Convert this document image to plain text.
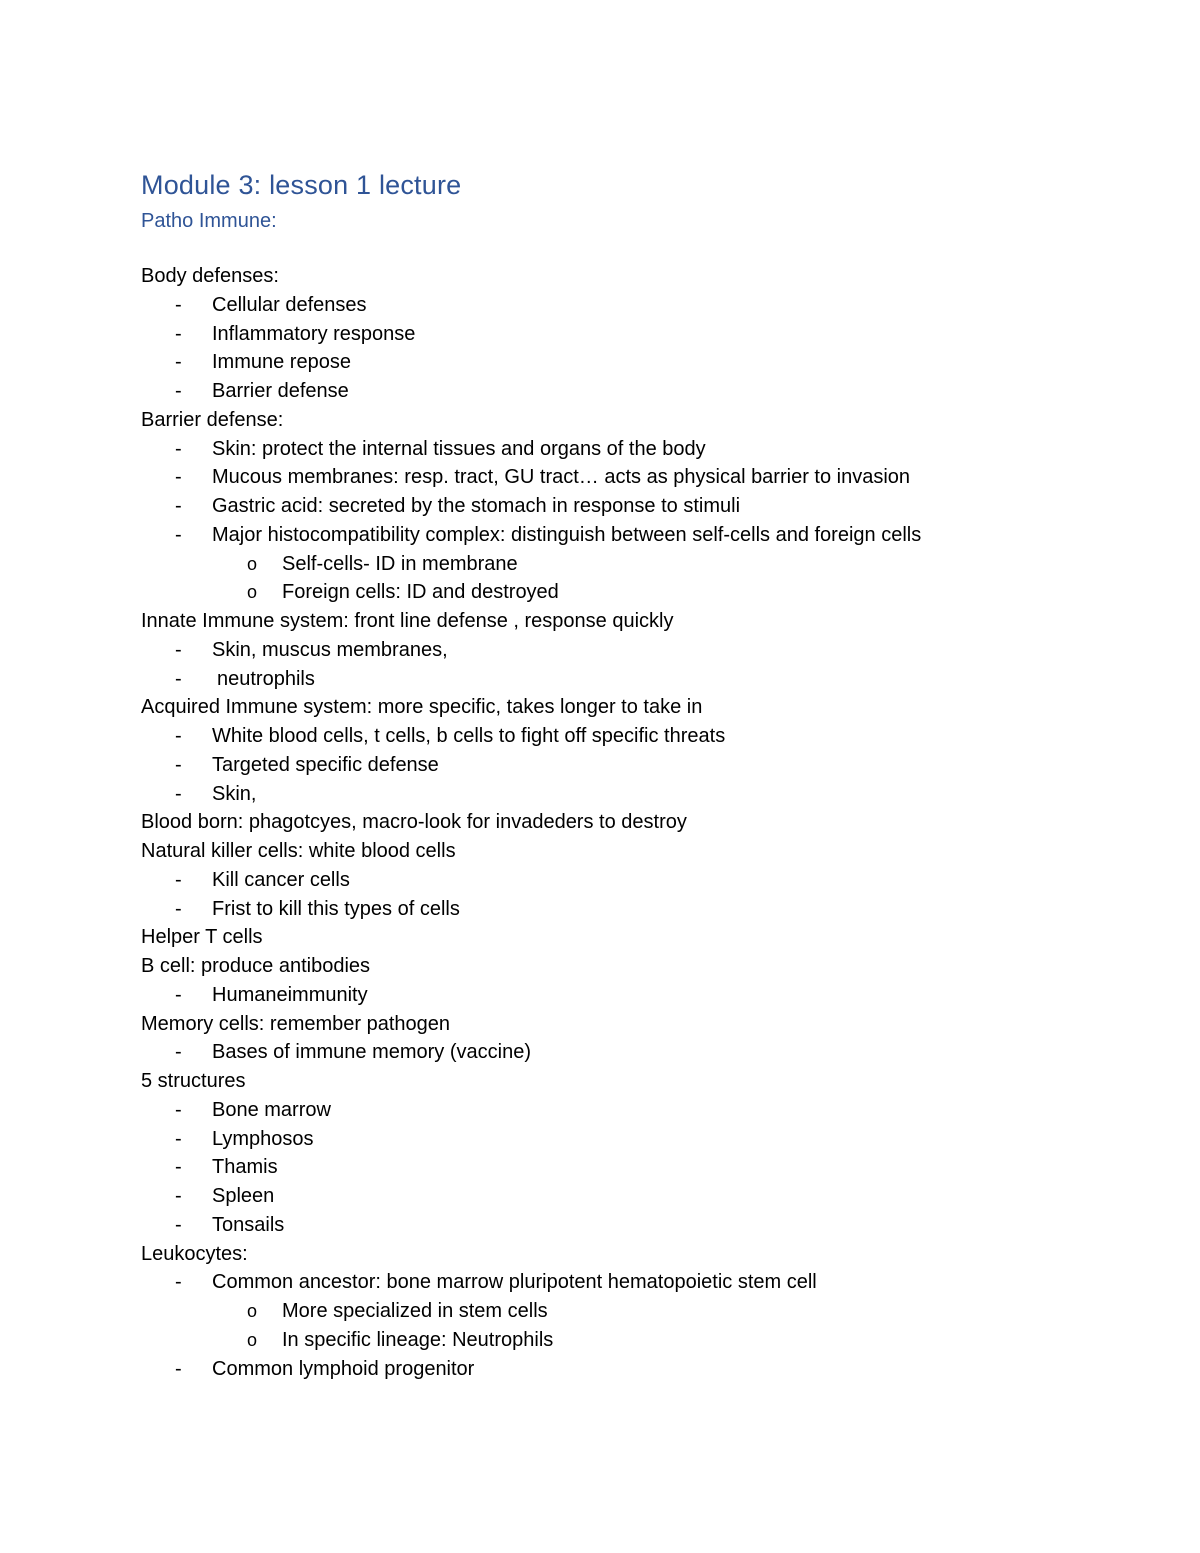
Module 3: lesson 1 lecture
Patho Immune:
Body defenses:
- Cellular defenses
- Inflammatory response
- Immune repose
- Barrier defense
Barrier defense:
- Skin: protect the internal tissues and organs of the body
- Mucous membranes: resp. tract, GU tract… acts as physical barrier to invasion
- Gastric acid: secreted by the stomach in response to stimuli
- Major histocompatibility complex: distinguish between self-cells and foreign cells
o Self-cells- ID in membrane
o Foreign cells: ID and destroyed
Innate Immune system: front line defense , response quickly
- Skin, muscus membranes,
- neutrophils
Acquired Immune system: more specific, takes longer to take in
- White blood cells, t cells, b cells to fight off specific threats
- Targeted specific defense
- Skin,
Blood born: phagotcyes, macro-look for invadeders to destroy
Natural killer cells: white blood cells
- Kill cancer cells
- Frist to kill this types of cells
Helper T cells
B cell: produce antibodies
- Humaneimmunity
Memory cells: remember pathogen
- Bases of immune memory (vaccine)
5 structures
- Bone marrow
- Lymphosos
- Thamis
- Spleen
- Tonsails
Leukocytes:
- Common ancestor: bone marrow pluripotent hematopoietic stem cell
o More specialized in stem cells
o In specific lineage: Neutrophils
- Common lymphoid progenitor
